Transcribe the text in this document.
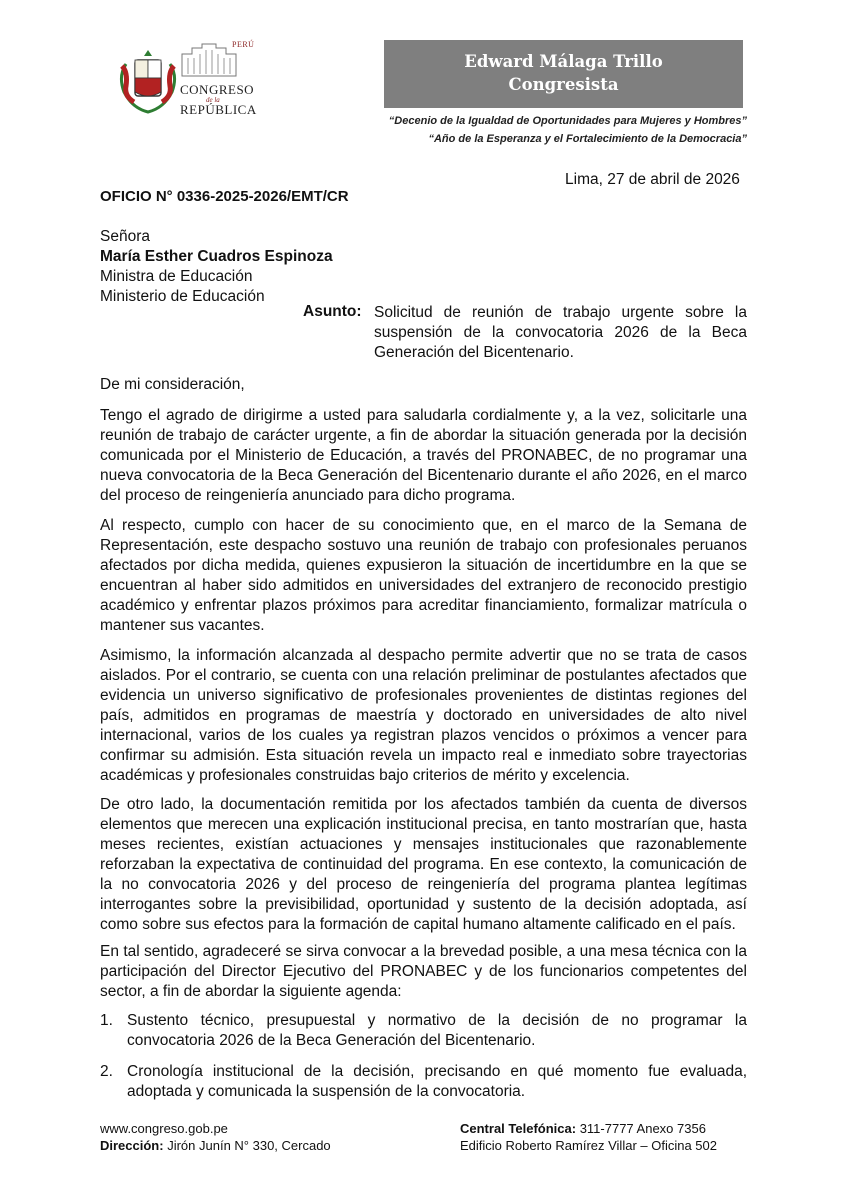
PERÚ
CONGRESO
de la
REPÚBLICA
Edward Málaga Trillo
Congresista
“Decenio de la Igualdad de Oportunidades para Mujeres y Hombres”
“Año de la Esperanza y el Fortalecimiento de la Democracia”
Lima, 27 de abril de 2026
OFICIO N° 0336-2025-2026/EMT/CR
Señora
María Esther Cuadros Espinoza
Ministra de Educación
Ministerio de Educación
Asunto: Solicitud de reunión de trabajo urgente sobre la suspensión de la convocatoria 2026 de la Beca Generación del Bicentenario.
De mi consideración,
Tengo el agrado de dirigirme a usted para saludarla cordialmente y, a la vez, solicitarle una reunión de trabajo de carácter urgente, a fin de abordar la situación generada por la decisión comunicada por el Ministerio de Educación, a través del PRONABEC, de no programar una nueva convocatoria de la Beca Generación del Bicentenario durante el año 2026, en el marco del proceso de reingeniería anunciado para dicho programa.
Al respecto, cumplo con hacer de su conocimiento que, en el marco de la Semana de Representación, este despacho sostuvo una reunión de trabajo con profesionales peruanos afectados por dicha medida, quienes expusieron la situación de incertidumbre en la que se encuentran al haber sido admitidos en universidades del extranjero de reconocido prestigio académico y enfrentar plazos próximos para acreditar financiamiento, formalizar matrícula o mantener sus vacantes.
Asimismo, la información alcanzada al despacho permite advertir que no se trata de casos aislados. Por el contrario, se cuenta con una relación preliminar de postulantes afectados que evidencia un universo significativo de profesionales provenientes de distintas regiones del país, admitidos en programas de maestría y doctorado en universidades de alto nivel internacional, varios de los cuales ya registran plazos vencidos o próximos a vencer para confirmar su admisión. Esta situación revela un impacto real e inmediato sobre trayectorias académicas y profesionales construidas bajo criterios de mérito y excelencia.
De otro lado, la documentación remitida por los afectados también da cuenta de diversos elementos que merecen una explicación institucional precisa, en tanto mostrarían que, hasta meses recientes, existían actuaciones y mensajes institucionales que razonablemente reforzaban la expectativa de continuidad del programa. En ese contexto, la comunicación de la no convocatoria 2026 y del proceso de reingeniería del programa plantea legítimas interrogantes sobre la previsibilidad, oportunidad y sustento de la decisión adoptada, así como sobre sus efectos para la formación de capital humano altamente calificado en el país.
En tal sentido, agradeceré se sirva convocar a la brevedad posible, a una mesa técnica con la participación del Director Ejecutivo del PRONABEC y de los funcionarios competentes del sector, a fin de abordar la siguiente agenda:
1. Sustento técnico, presupuestal y normativo de la decisión de no programar la convocatoria 2026 de la Beca Generación del Bicentenario.
2. Cronología institucional de la decisión, precisando en qué momento fue evaluada, adoptada y comunicada la suspensión de la convocatoria.
www.congreso.gob.pe
Dirección: Jirón Junín N° 330, Cercado
Central Telefónica: 311-7777 Anexo 7356
Edificio Roberto Ramírez Villar – Oficina 502
